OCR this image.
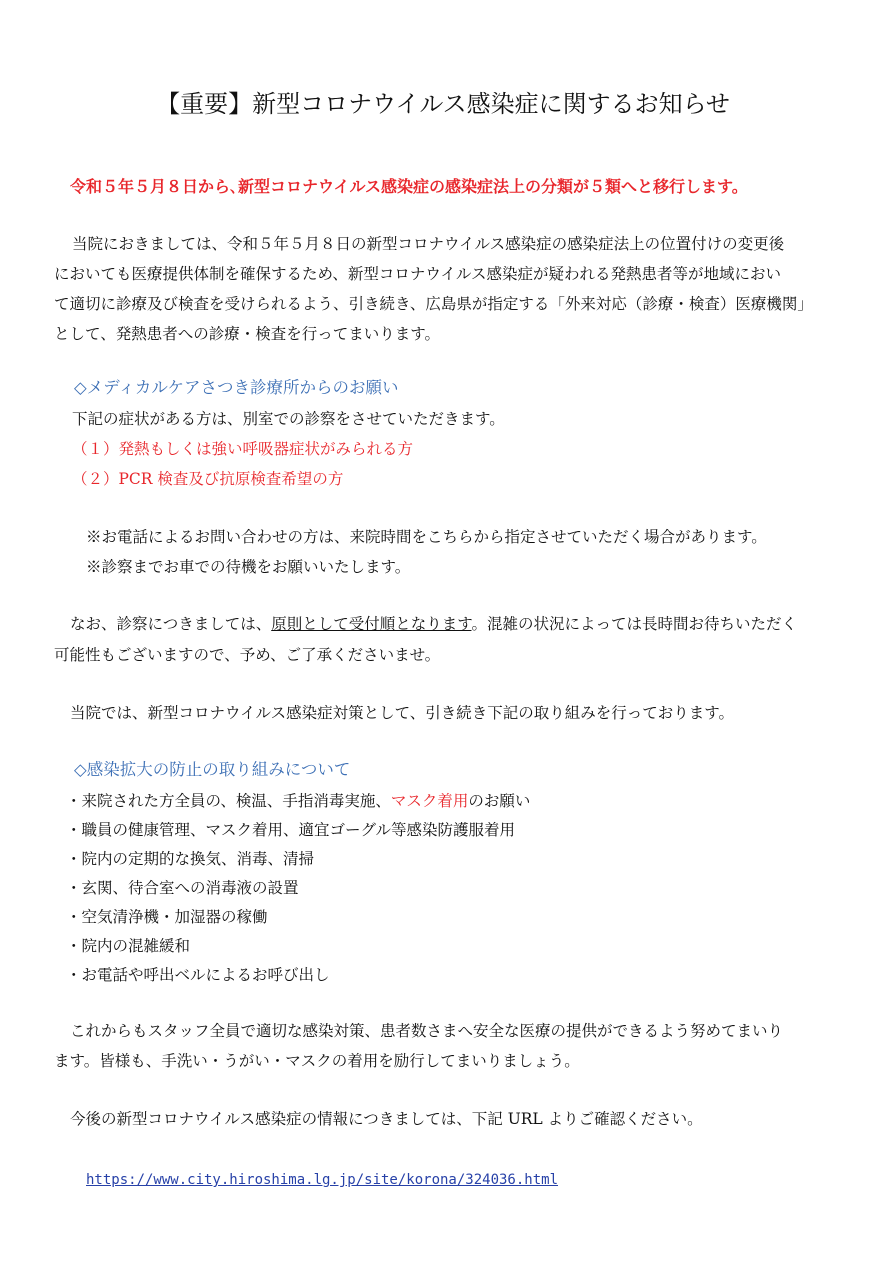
【重要】新型コロナウイルス感染症に関するお知らせ
令和５年５月８日から､新型コロナウイルス感染症の感染症法上の分類が５類へと移行します。
当院におきましては、令和５年５月８日の新型コロナウイルス感染症の感染症法上の位置付けの変更後
においても医療提供体制を確保するため、新型コロナウイルス感染症が疑われる発熱患者等が地域におい
て適切に診療及び検査を受けられるよう、引き続き、広島県が指定する「外来対応（診療・検査）医療機関」
として、発熱患者への診療・検査を行ってまいります。
◇メディカルケアさつき診療所からのお願い
下記の症状がある方は、別室での診察をさせていただきます。
（１）発熱もしくは強い呼吸器症状がみられる方
（２）PCR 検査及び抗原検査希望の方
※お電話によるお問い合わせの方は、来院時間をこちらから指定させていただく場合があります。
※診察までお車での待機をお願いいたします。
なお、診察につきましては、原則として受付順となります。混雑の状況によっては長時間お待ちいただく
可能性もございますので、予め、ご了承くださいませ。
当院では、新型コロナウイルス感染症対策として、引き続き下記の取り組みを行っております。
◇感染拡大の防止の取り組みについて
・来院された方全員の、検温、手指消毒実施、マスク着用のお願い
・職員の健康管理、マスク着用、適宜ゴーグル等感染防護服着用
・院内の定期的な換気、消毒、清掃
・玄関、待合室への消毒液の設置
・空気清浄機・加湿器の稼働
・院内の混雑緩和
・お電話や呼出ベルによるお呼び出し
これからもスタッフ全員で適切な感染対策、患者数さまへ安全な医療の提供ができるよう努めてまいり
ます。皆様も、手洗い・うがい・マスクの着用を励行してまいりましょう。
今後の新型コロナウイルス感染症の情報につきましては、下記 URL よりご確認ください。
https://www.city.hiroshima.lg.jp/site/korona/324036.html
